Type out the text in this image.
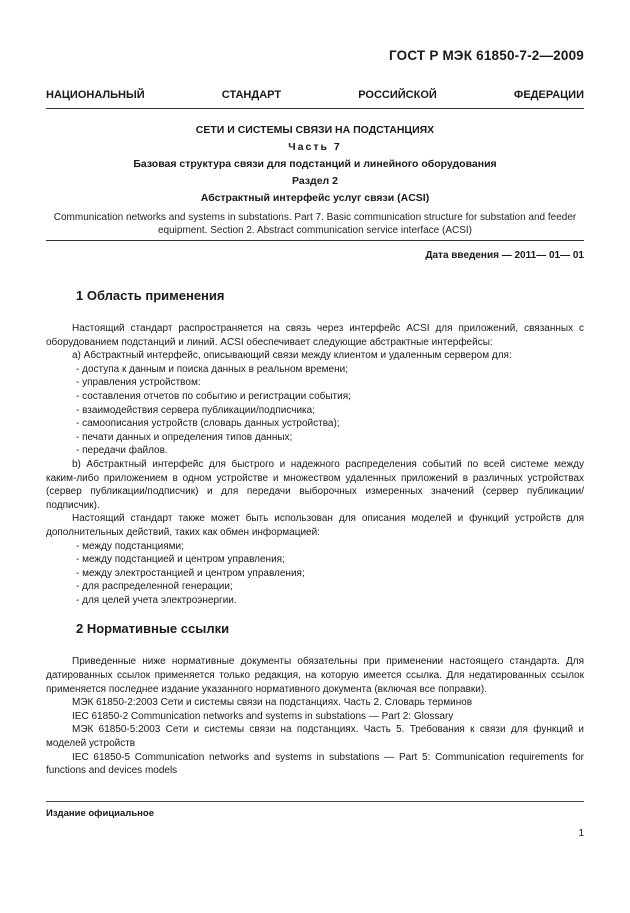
ГОСТ Р МЭК 61850-7-2—2009
НАЦИОНАЛЬНЫЙ СТАНДАРТ РОССИЙСКОЙ ФЕДЕРАЦИИ

СЕТИ И СИСТЕМЫ СВЯЗИ НА ПОДСТАНЦИЯХ

Часть 7

Базовая структура связи для подстанций и линейного оборудования

Раздел 2

Абстрактный интерфейс услуг связи (ACSI)

Communication networks and systems in substations. Part 7. Basic communication structure for substation and feeder equipment. Section 2. Abstract communication service interface (ACSI)

Дата введения — 2011— 01— 01
1 Область применения

Настоящий стандарт распространяется на связь через интерфейс ACSI для приложений, связанных с оборудованием подстанций и линий. ACSI обеспечивает следующие абстрактные интерфейсы:

а) Абстрактный интерфейс, описывающий связи между клиентом и удаленным сервером для:

- доступа к данным и поиска данных в реальном времени;

- управления устройством:

- составления отчетов по событию и регистрации события;

- взаимодействия сервера публикации/подписчика;

- самоописания устройств (словарь данных устройства);

- печати данных и определения типов данных;

- передачи файлов.

b) Абстрактный интерфейс для быстрого и надежного распределения событий по всей системе между каким-либо приложением в одном устройстве и множеством удаленных приложений в различных устройствах (сервер публикации/подписчик) и для передачи выборочных измеренных значений (сервер публикации/подписчик).

Настоящий стандарт также может быть использован для описания моделей и функций устройств для дополнительных действий, таких как обмен информацией:

- между подстанциями;

- между подстанцией и центром управления;

- между электростанцией и центром управления;

- для распределенной генерации;

- для целей учета электроэнергии.

2 Нормативные ссылки

Приведенные ниже нормативные документы обязательны при применении настоящего стандарта. Для датированных ссылок применяется только редакция, на которую имеется ссылка. Для недатированных ссылок применяется последнее издание указанного нормативного документа (включая все поправки).

МЭК 61850-2:2003 Сети и системы связи на подстанциях. Часть 2. Словарь терминов

IEC 61850-2 Communication networks and systems in substations — Part 2: Glossary

МЭК 61850-5:2003 Сети и системы связи на подстанциях. Часть 5. Требования к связи для функций и моделей устройств

IEC 61850-5 Communication networks and systems in substations — Part 5: Communication requirements for functions and devices models

Издание официальное
1
